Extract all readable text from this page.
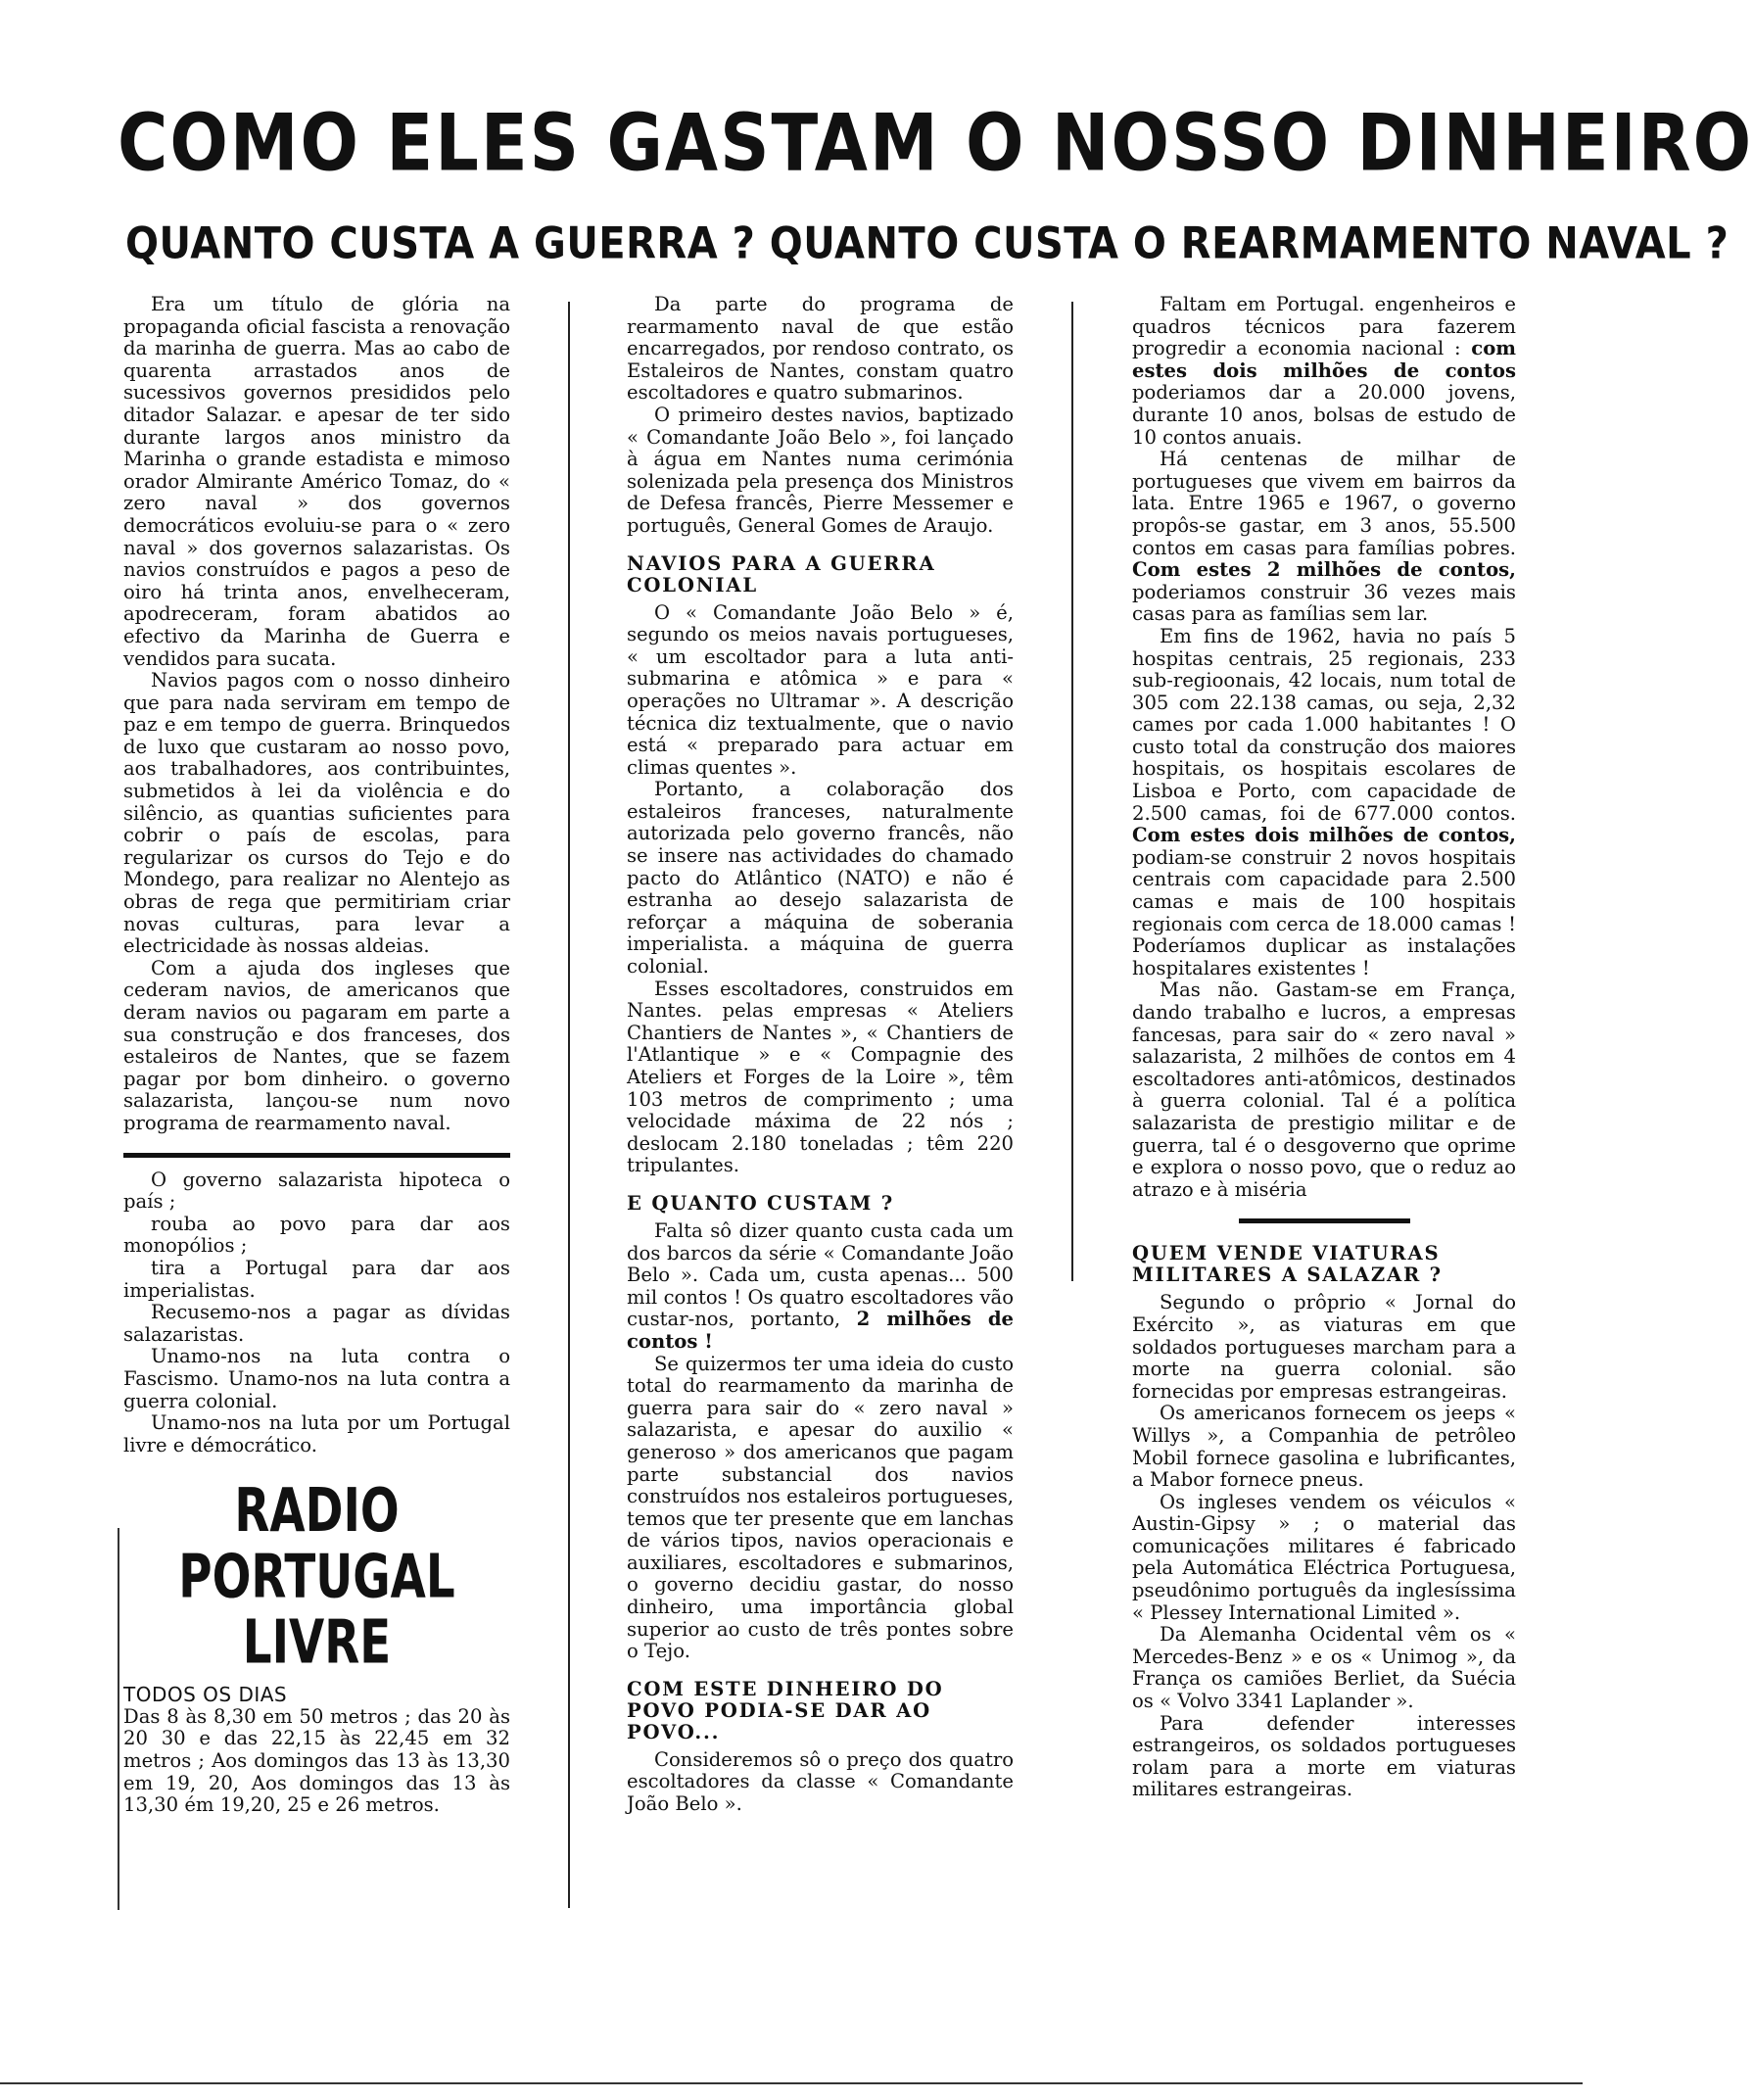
COMO ELES GASTAM O NOSSO DINHEIRO
QUANTO CUSTA A GUERRA ? QUANTO CUSTA O REARMAMENTO NAVAL ?

Era um título de glória na propaganda oficial fascista a renovação da marinha de guerra. Mas ao cabo de quarenta arrastados anos de sucessivos governos presididos pelo ditador Salazar. e apesar de ter sido durante largos anos ministro da Marinha o grande estadista e mimoso orador Almirante Américo Tomaz, do « zero naval » dos governos democráticos evoluiu-se para o « zero naval » dos governos salazaristas. Os navios construídos e pagos a peso de oiro há trinta anos, envelheceram, apodreceram, foram abatidos ao efectivo da Marinha de Guerra e vendidos para sucata.

Navios pagos com o nosso dinheiro que para nada serviram em tempo de paz e em tempo de guerra. Brinquedos de luxo que custaram ao nosso povo, aos trabalhadores, aos contribuintes, submetidos à lei da violência e do silêncio, as quantias suficientes para cobrir o país de escolas, para regularizar os cursos do Tejo e do Mondego, para realizar no Alentejo as obras de rega que permitiriam criar novas culturas, para levar a electricidade às nossas aldeias.

Com a ajuda dos ingleses que cederam navios, de americanos que deram navios ou pagaram em parte a sua construção e dos franceses, dos estaleiros de Nantes, que se fazem pagar por bom dinheiro. o governo salazarista, lançou-se num novo programa de rearmamento naval.

O governo salazarista hipoteca o país ;

rouba ao povo para dar aos monopólios ;

tira a Portugal para dar aos imperialistas.

Recusemo-nos a pagar as dívidas salazaristas.

Unamo-nos na luta contra o Fascismo. Unamo-nos na luta contra a guerra colonial.

Unamo-nos na luta por um Portugal livre e démocrático.

RADIO
PORTUGAL
LIVRE
TODOS OS DIAS

Das 8 às 8,30 em 50 metros ; das 20 às 20 30 e das 22,15 às 22,45 em 32 metros ; Aos domingos das 13 às 13,30 em 19, 20, Aos domingos das 13 às 13,30 ém 19,20, 25 e 26 metros.

Da parte do programa de rearmamento naval de que estão encarregados, por rendoso contrato, os Estaleiros de Nantes, constam quatro escoltadores e quatro submarinos.

O primeiro destes navios, baptizado « Comandante João Belo », foi lançado à água em Nantes numa cerimónia solenizada pela presença dos Ministros de Defesa francês, Pierre Messemer e português, General Gomes de Araujo.

NAVIOS PARA A GUERRA COLONIAL

O « Comandante João Belo » é, segundo os meios navais portugueses, « um escoltador para a luta anti-submarina e atômica » e para « operações no Ultramar ». A descrição técnica diz textualmente, que o navio está « preparado para actuar em climas quentes ».

Portanto, a colaboração dos estaleiros franceses, naturalmente autorizada pelo governo francês, não se insere nas actividades do chamado pacto do Atlântico (NATO) e não é estranha ao desejo salazarista de reforçar a máquina de soberania imperialista. a máquina de guerra colonial.

Esses escoltadores, construidos em Nantes. pelas empresas « Ateliers Chantiers de Nantes », « Chantiers de l'Atlantique » e « Compagnie des Ateliers et Forges de la Loire », têm 103 metros de comprimento ; uma velocidade máxima de 22 nós ; deslocam 2.180 toneladas ; têm 220 tripulantes.

E QUANTO CUSTAM ?

Falta sô dizer quanto custa cada um dos barcos da série « Comandante João Belo ». Cada um, custa apenas... 500 mil contos ! Os quatro escoltadores vão custar-nos, portanto, 2 milhões de contos !

Se quizermos ter uma ideia do custo total do rearmamento da marinha de guerra para sair do « zero naval » salazarista, e apesar do auxilio « generoso » dos americanos que pagam parte substancial dos navios construídos nos estaleiros portugueses, temos que ter presente que em lanchas de vários tipos, navios operacionais e auxiliares, escoltadores e submarinos, o governo decidiu gastar, do nosso dinheiro, uma importância global superior ao custo de três pontes sobre o Tejo.

COM ESTE DINHEIRO DO POVO PODIA-SE DAR AO POVO...

Consideremos sô o preço dos quatro escoltadores da classe « Comandante João Belo ».

Faltam em Portugal. engenheiros e quadros técnicos para fazerem progredir a economia nacional : com estes dois milhões de contos poderiamos dar a 20.000 jovens, durante 10 anos, bolsas de estudo de 10 contos anuais.

Há centenas de milhar de portugueses que vivem em bairros da lata. Entre 1965 e 1967, o governo propôs-se gastar, em 3 anos, 55.500 contos em casas para famílias pobres. Com estes 2 milhões de contos, poderiamos construir 36 vezes mais casas para as famílias sem lar.

Em fins de 1962, havia no país 5 hospitas centrais, 25 regionais, 233 sub-regioonais, 42 locais, num total de 305 com 22.138 camas, ou seja, 2,32 cames por cada 1.000 habitantes ! O custo total da construção dos maiores hospitais, os hospitais escolares de Lisboa e Porto, com capacidade de 2.500 camas, foi de 677.000 contos. Com estes dois milhões de contos, podiam-se construir 2 novos hospitais centrais com capacidade para 2.500 camas e mais de 100 hospitais regionais com cerca de 18.000 camas ! Poderíamos duplicar as instalações hospitalares existentes !

Mas não. Gastam-se em França, dando trabalho e lucros, a empresas fancesas, para sair do « zero naval » salazarista, 2 milhões de contos em 4 escoltadores anti-atômicos, destinados à guerra colonial. Tal é a política salazarista de prestigio militar e de guerra, tal é o desgoverno que oprime e explora o nosso povo, que o reduz ao atrazo e à miséria

QUEM VENDE VIATURAS MILITARES A SALAZAR ?

Segundo o prôprio « Jornal do Exército », as viaturas em que soldados portugueses marcham para a morte na guerra colonial. são fornecidas por empresas estrangeiras.

Os americanos fornecem os jeeps « Willys », a Companhia de petrôleo Mobil fornece gasolina e lubrificantes, a Mabor fornece pneus.

Os ingleses vendem os véiculos « Austin-Gipsy » ; o material das comunicações militares é fabricado pela Automática Eléctrica Portuguesa, pseudônimo português da inglesíssima « Plessey International Limited ».

Da Alemanha Ocidental vêm os « Mercedes-Benz » e os « Unimog », da França os camiões Berliet, da Suécia os « Volvo 3341 Laplander ».

Para defender interesses estrangeiros, os soldados portugueses rolam para a morte em viaturas militares estrangeiras.
